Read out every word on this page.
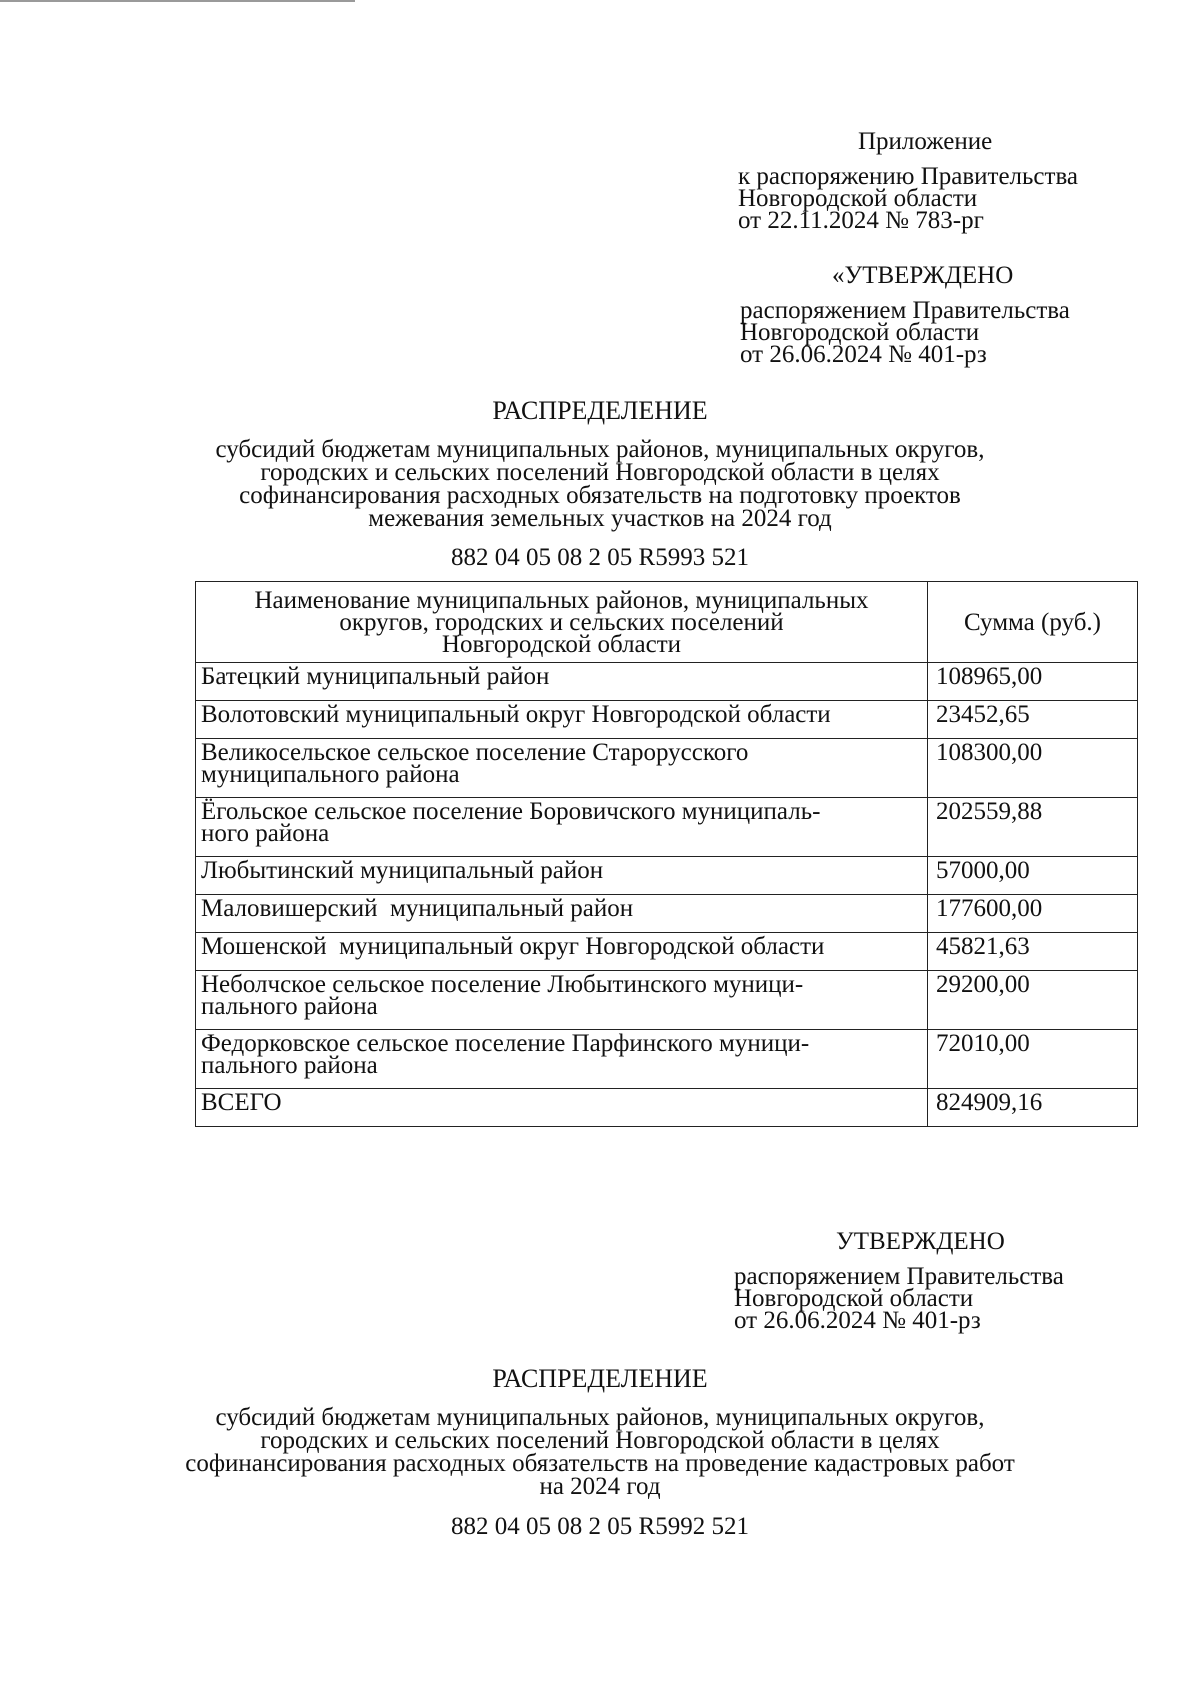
Приложение
к распоряжению Правительства
Новгородской области
от 22.11.2024 № 783-рг
«УТВЕРЖДЕНО
распоряжением Правительства
Новгородской области
от 26.06.2024 № 401-рз
РАСПРЕДЕЛЕНИЕ
субсидий бюджетам муниципальных районов, муниципальных округов,
городских и сельских поселений Новгородской области в целях
софинансирования расходных обязательств на подготовку проектов
межевания земельных участков на 2024 год
882 04 05 08 2 05 R5993 521
Наименование муниципальных районов, муниципальных
округов, городских и сельских поселений
Новгородской области	Сумма (руб.)

Батецкий муниципальный район	108965,00

Волотовский муниципальный округ Новгородской области	23452,65

Великосельское сельское поселение Старорусского
муниципального района	108300,00

Ёгольское сельское поселение Боровичского муниципаль-
ного района	202559,88

Любытинский муниципальный район	57000,00

Маловишерский  муниципальный район	177600,00

Мошенской  муниципальный округ Новгородской области	45821,63

Неболчское сельское поселение Любытинского муници-
пального района	29200,00

Федорковское сельское поселение Парфинского муници-
пального района	72010,00

ВСЕГО	824909,16
УТВЕРЖДЕНО
распоряжением Правительства
Новгородской области
от 26.06.2024 № 401-рз
РАСПРЕДЕЛЕНИЕ
субсидий бюджетам муниципальных районов, муниципальных округов,
городских и сельских поселений Новгородской области в целях
софинансирования расходных обязательств на проведение кадастровых работ
на 2024 год
882 04 05 08 2 05 R5992 521
